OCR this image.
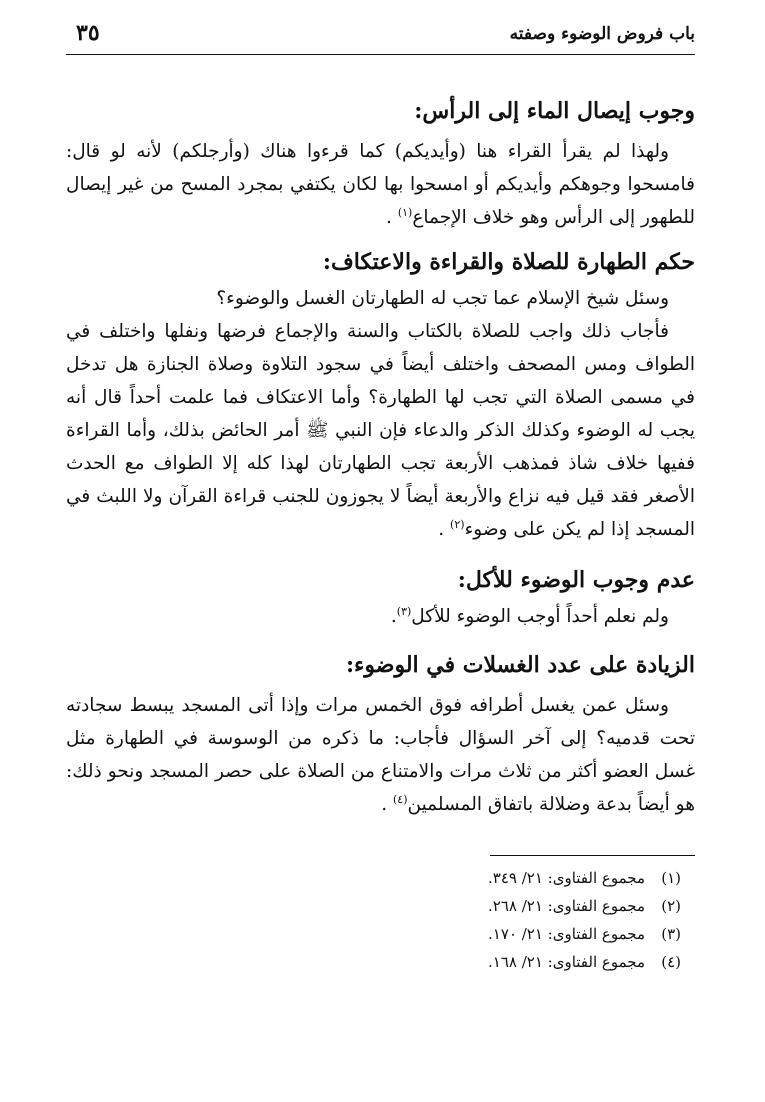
باب فروض الوضوء وصفته
٣٥
وجوب إيصال الماء إلى الرأس:

ولهذا لم يقرأ القراء هنا (وأيديكم) كما قرءوا هناك (وأرجلكم) لأنه لو قال: فامسحوا وجوهكم وأيديكم أو امسحوا بها لكان يكتفي بمجرد المسح من غير إيصال للطهور إلى الرأس وهو خلاف الإجماع$^{(١)}$ .

حكم الطهارة للصلاة والقراءة والاعتكاف:

وسئل شيخ الإسلام عما تجب له الطهارتان الغسل والوضوء؟

فأجاب ذلك واجب للصلاة بالكتاب والسنة والإجماع فرضها ونفلها واختلف في الطواف ومس المصحف واختلف أيضاً في سجود التلاوة وصلاة الجنازة هل تدخل في مسمى الصلاة التي تجب لها الطهارة؟ وأما الاعتكاف فما علمت أحداً قال أنه يجب له الوضوء وكذلك الذكر والدعاء فإن النبي ﷺ أمر الحائض بذلك، وأما القراءة ففيها خلاف شاذ فمذهب الأربعة تجب الطهارتان لهذا كله إلا الطواف مع الحدث الأصغر فقد قيل فيه نزاع والأربعة أيضاً لا يجوزون للجنب قراءة القرآن ولا اللبث في المسجد إذا لم يكن على وضوء$^{(٢)}$ .

عدم وجوب الوضوء للأكل:

ولم نعلم أحداً أوجب الوضوء للأكل$^{(٣)}$.

الزيادة على عدد الغسلات في الوضوء:

وسئل عمن يغسل أطرافه فوق الخمس مرات وإذا أتى المسجد يبسط سجادته تحت قدميه؟ إلى آخر السؤال فأجاب: ما ذكره من الوسوسة في الطهارة مثل غسل العضو أكثر من ثلاث مرات والامتناع من الصلاة على حصر المسجد ونحو ذلك: هو أيضاً بدعة وضلالة باتفاق المسلمين$^{(٤)}$ .

(١)
مجموع الفتاوى: ٢١/ ٣٤٩.
(٢)
مجموع الفتاوى: ٢١/ ٢٦٨.
(٣)
مجموع الفتاوى: ٢١/ ١٧٠.
(٤)
مجموع الفتاوى: ٢١/ ١٦٨.
